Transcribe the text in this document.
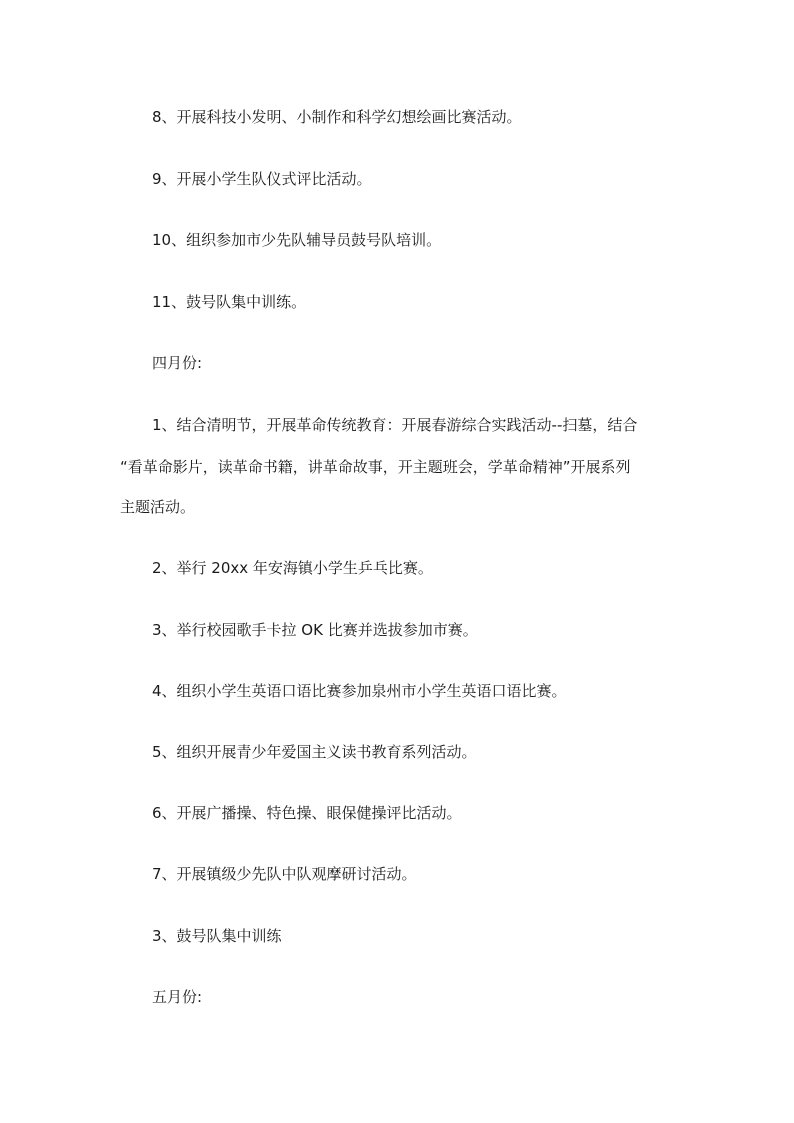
8、开展科技小发明、小制作和科学幻想绘画比赛活动。
9、开展小学生队仪式评比活动。
10、组织参加市少先队辅导员鼓号队培训。
11、鼓号队集中训练。
四月份:
1、结合清明节，开展革命传统教育：开展春游综合实践活动--扫墓，结合
“看革命影片，读革命书籍，讲革命故事，开主题班会，学革命精神”开展系列
主题活动。
2、举行 20xx 年安海镇小学生乒乓比赛。
3、举行校园歌手卡拉 OK 比赛并选拔参加市赛。
4、组织小学生英语口语比赛参加泉州市小学生英语口语比赛。
5、组织开展青少年爱国主义读书教育系列活动。
6、开展广播操、特色操、眼保健操评比活动。
7、开展镇级少先队中队观摩研讨活动。
3、鼓号队集中训练
五月份:
